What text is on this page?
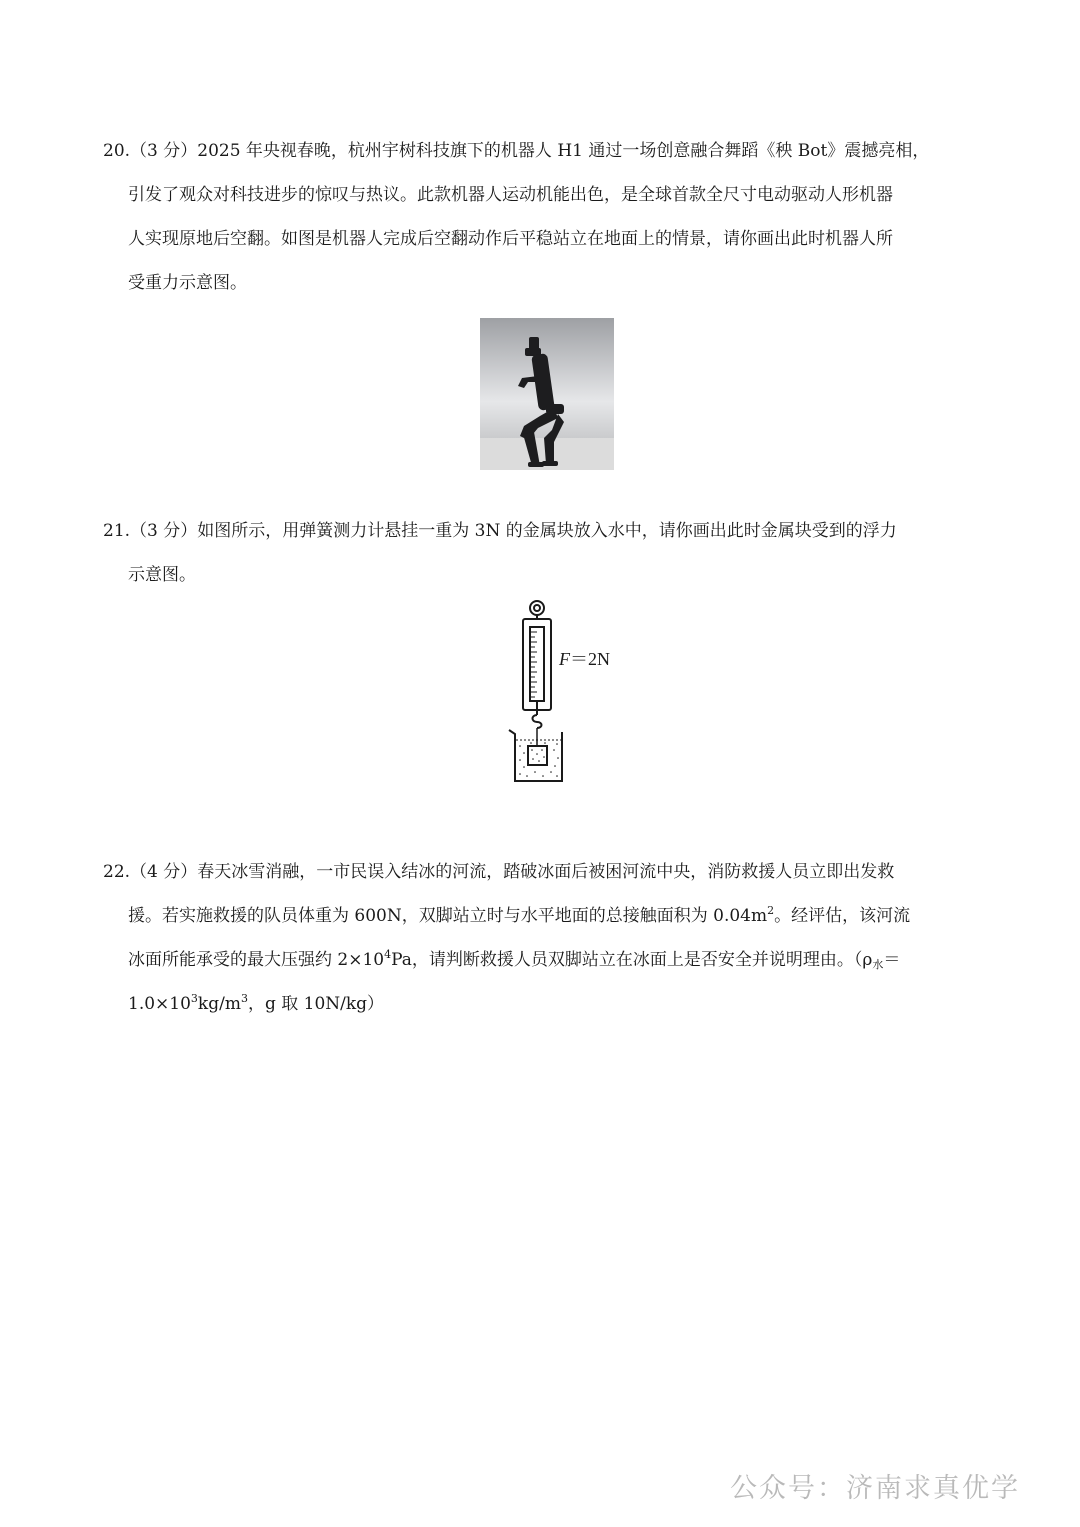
20.（3 分）2025 年央视春晚，杭州宇树科技旗下的机器人 H1 通过一场创意融合舞蹈《秧 Bot》震撼亮相，
引发了观众对科技进步的惊叹与热议。此款机器人运动机能出色，是全球首款全尺寸电动驱动人形机器
人实现原地后空翻。如图是机器人完成后空翻动作后平稳站立在地面上的情景，请你画出此时机器人所
受重力示意图。
21.（3 分）如图所示，用弹簧测力计悬挂一重为 3N 的金属块放入水中，请你画出此时金属块受到的浮力
示意图。
F＝2N
22.（4 分）春天冰雪消融，一市民误入结冰的河流，踏破冰面后被困河流中央，消防救援人员立即出发救
援。若实施救援的队员体重为 600N，双脚站立时与水平地面的总接触面积为 $0.04m^2$。经评估，该河流
冰面所能承受的最大压强约 $2\times 10^4Pa$，请判断救援人员双脚站立在冰面上是否安全并说明理由。（$\rho_水=$
$1.0\times 10^3kg/m^3$，g 取 10N/kg）
公众号：济南求真优学
